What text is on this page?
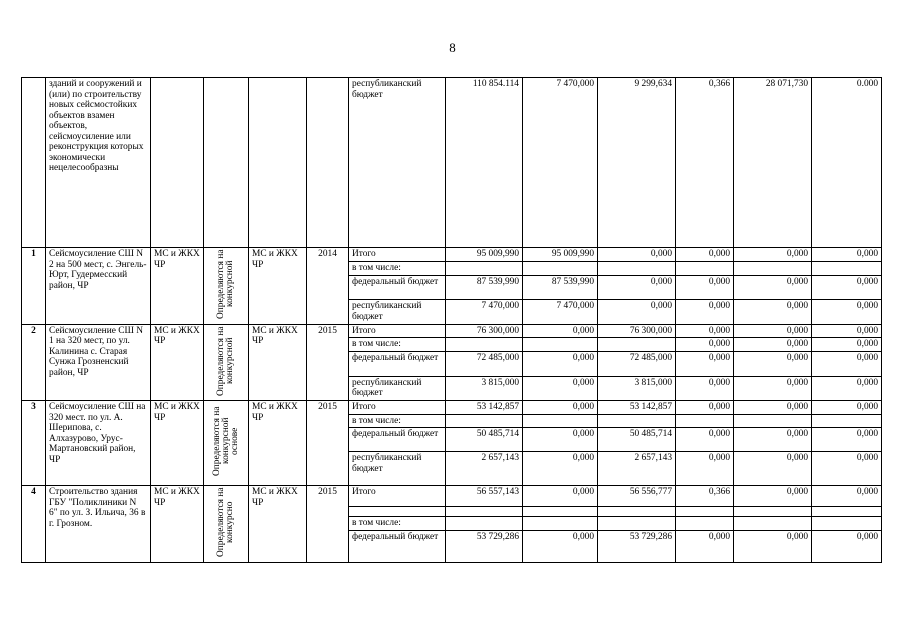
8
	зданий и сооружений и (или) по строительству новых сейсмостойких объектов взамен объектов, сейсмоусиление или реконструкция которых экономически нецелесообразны					республиканский бюджет	110 854.114	7 470,000	9 299,634	0,366	28 071,730	0.000
1	Сейсмоусиление СШ N 2 на 500 мест, с. Энгель-Юрт, Гудермесский район, ЧР	МС и ЖКХ ЧР	Определяются на конкурсной	МС и ЖКХ ЧР	2014	Итого	95 009,990	95 009,990	0,000	0,000	0,000	0,000
						в том числе:						
						федеральный бюджет	87 539,990	87 539,990	0,000	0,000	0,000	0,000
						республиканский бюджет	7 470,000	7 470,000	0,000	0,000	0,000	0,000
2	Сейсмоусиление СШ N 1 на 320 мест, по ул. Калинина с. Старая Сунжа Грозненский район, ЧР	МС и ЖКХ ЧР	Определяются на конкурсной	МС и ЖКХ ЧР	2015	Итого	76 300,000	0,000	76 300,000	0,000	0,000	0,000
						в том числе:				0,000	0,000	0,000
						федеральный бюджет	72 485,000	0,000	72 485,000	0,000	0,000	0,000
						республиканский бюджет	3 815,000	0,000	3 815,000	0,000	0,000	0,000
3	Сейсмоусиление СШ на 320 мест. по ул. А. Шерипова, с. Алхазурово, Урус-Мартановский район, ЧР	МС и ЖКХ ЧР	Определяются на конкурсной основе	МС и ЖКХ ЧР	2015	Итого	53 142,857	0,000	53 142,857	0,000	0,000	0,000
						в том числе:						
						федеральный бюджет	50 485,714	0,000	50 485,714	0,000	0,000	0,000
						республиканский бюджет	2 657,143	0,000	2 657,143	0,000	0,000	0,000
4	Строительство здания ГБУ "Поликлиники N 6" по ул. З. Ильича, 36 в г. Грозном.	МС и ЖКХ ЧР	Определяются на конкурсно	МС и ЖКХ ЧР	2015	Итого	56 557,143	0,000	56 556,777	0,366	0,000	0,000

						в том числе:						
						федеральный бюджет	53 729,286	0,000	53 729,286	0,000	0,000	0,000
